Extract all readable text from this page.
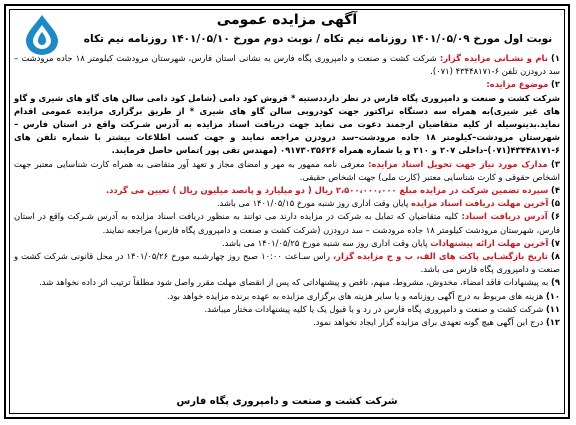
آگهی مزایده عمومی
نوبت اول مورخ ۱۴۰۱/۰۵/۰۹ روزنامه نیم تکاه / نوبت دوم مورخ ۱۴۰۱/۰۵/۱۰ روزنامه نیم تکاه

۱) نام و نشـانی مزایده گزار: شرکت کشت و صنعت و دامپروری پگاه فارس به نشانی استان فارس، شهرستان مرودشت کیلومتر ۱۸ جاده مرودشت – سد درودزن تلفن ۶-۴۳۴۴۸۱۷۱ (۰۷۱).

۲) موضوع مزایده:

شرکت کشت و صنعت و دامپروری پگاه فارس در نظر دارددستیه * فروش کود دامی (شامل کود دامی سالن های گاو های شیری و گاو های غیر شیری)به همراه سه دستگاه تراکتور جهت کودروبی سالن گاو های شیری * از طریق برگزاری مزایده عمومی اقدام نماید.بدینوسیله از کلیه متقاضیان ارجمند دعوت می نماید جهت دریافت اسناد مزایده به آدرس شـرکت واقع در استان فارس –شهرستان مرودشت–کیلومتر ۱۸ جاده مرودشت–سد درودزن مراجعه نمایند و جهت کسب اطلاعات بیشتر با شماره تلفن های ۶-۴۳۴۴۸۱۷۱(۰۷۱)–داخلی ۲۰۷ و ۲۱۰ و یا شماره همراه ۰۹۱۷۳۰۳۵۶۲۶ (مهندس تقی پور )تماس حاصل فرمایند.

۳) مدارک مورد نیاز جهت تحویل اسناد مزایده: معرفی نامه ممهور به مهر و امضای مجاز و تعهد آور متقاضی به همراه کارت شناسایی معتبر جهت اشخاص حقوقی و کارت شناسایی معتبر (کارت ملی) جهت اشخاص حقیقی.

۴) سپرده تضمین شرکت در مزایده مبلغ ۲،۵۰۰،۰۰۰،۰۰۰ ریال ( دو میلیارد و پانصد میلیون ریال ) تعیین می گردد.

۵) آخرین مهلت دریافت اسناد مزایده پایان وقت اداری روز شنبه مورخ ۱۴۰۱/۰۵/۱۵ می باشد.

۶) آدرس دریافت اسناد: کلیه متقاضیان که تمایل به شرکت در مزایده دارند می توانند به منظور دریافت اسناد مزایده به آدرس شـرکت واقع در استان فارس، شهرستان مرودشت کیلومتر ۱۸ جاده مرودشت – سد درودزن (شرکت کشت و صنعت و دامپروری پگاه فارس) مراجعه نمایند.

۷) آخرین مهلت ارائه پیشنهادات پایان وقت اداری روز سه شنبه مورخ ۱۴۰۱/۰۵/۲۵ می باشد.

۸) تاریخ بازگشـایی پاکت های الف، ب و ج مزایده گزار، راس سـاعت ۱۰:۰۰ صبح روز چهارشـبه مورخ ۱۴۰۱/۰۵/۲۶ در محل قانونی شرکت کشت و صنعت و دامپروری پگاه فارس می باشد.

۹) به پیشنهادات فاقد امضاء، مخدوش، مشروط، مبهم، ناقص و پیشنهاداتی که پس از انقضای مهلت مقرر واصل شود مطلقاً ترتیب اثر داده نخواهد شد.

۱۰) هزینه های مربوط به درج آگهی روزنامه و یا سایر هزینه های برگزاری مزایده به عهده برنده مزایده خواهد بود.

۱۱) شرکت کشت و صنعت و دامپروری پگاه فارس در رد و یا قبول یک یا کلیه پیشنهادات مختار میباشد.

۱۲) درج این آگهی هیچ گونه تعهدی برای مزایده گزار ایجاد نخواهد نمود.

شرکت کشت و صنعت و دامپروری پگاه فارس
